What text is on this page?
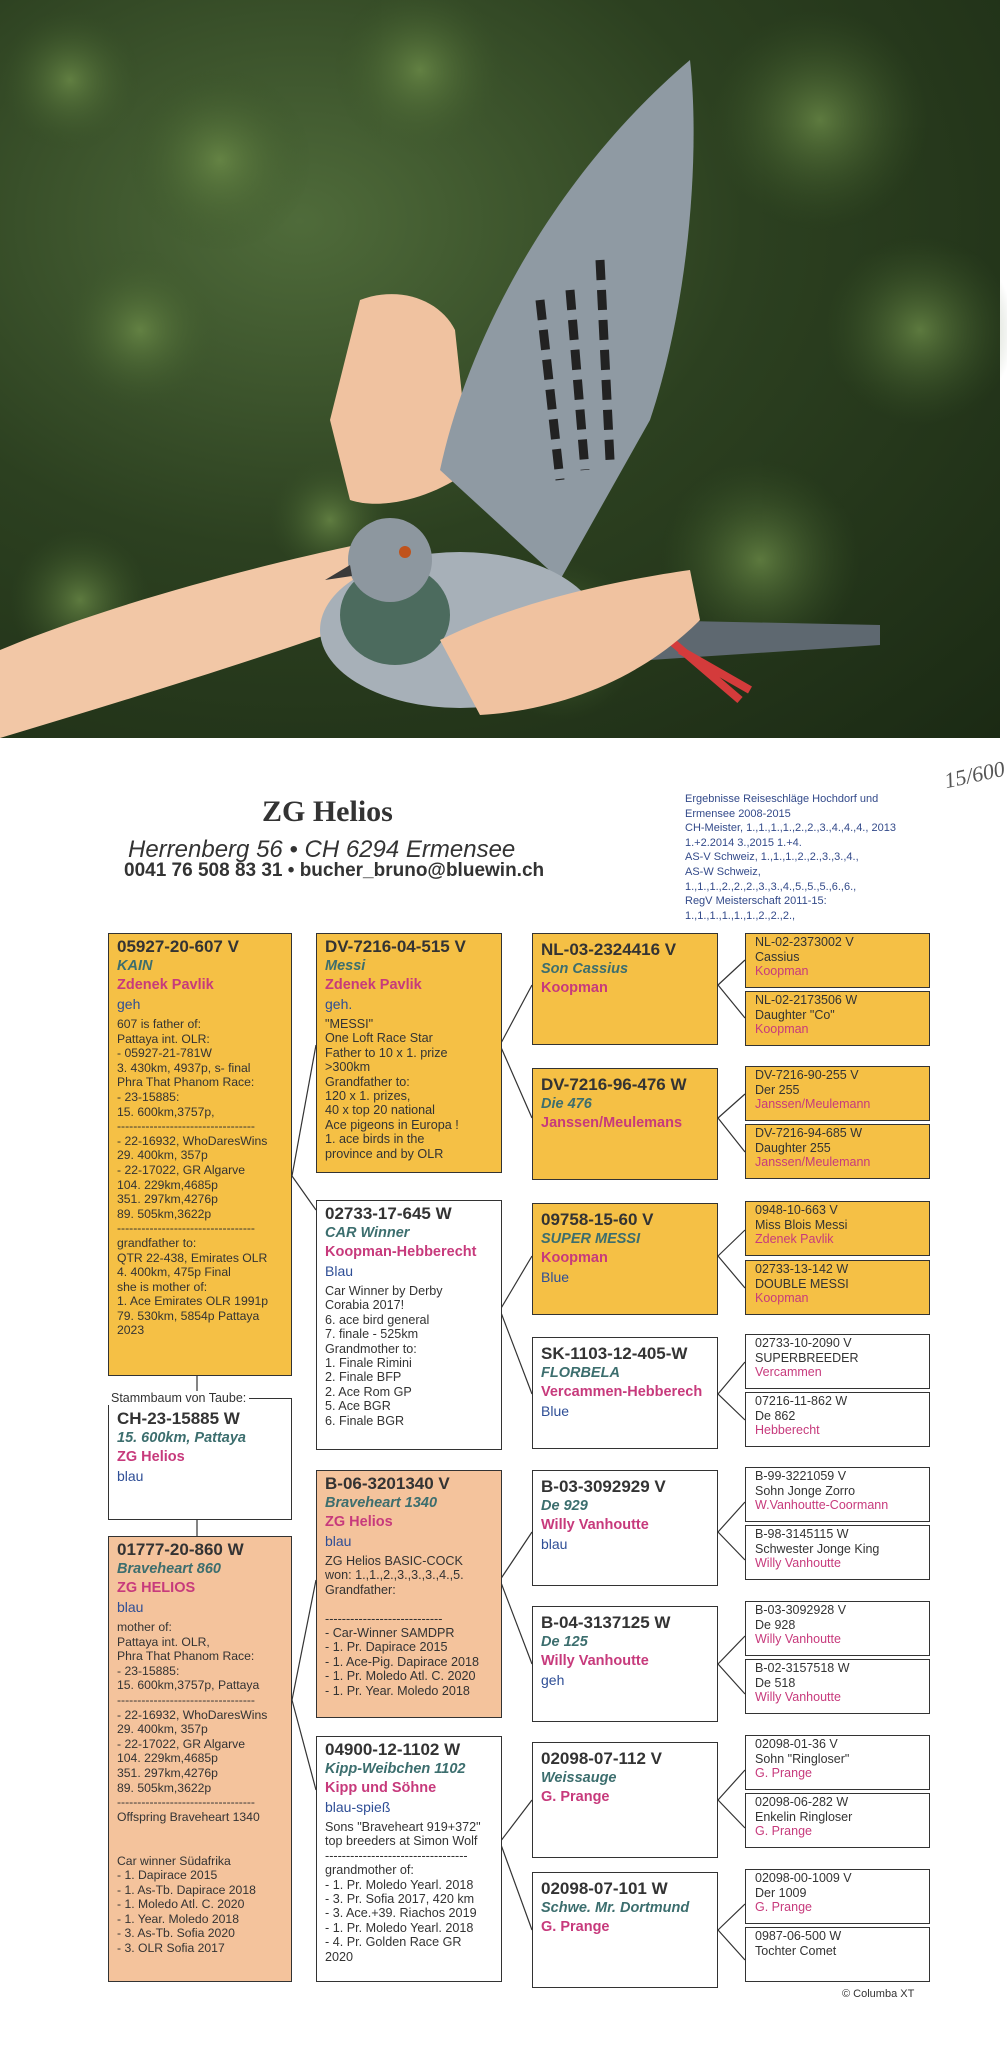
ZG Helios
Herrenberg 56 • CH 6294 Ermensee
0041 76 508 83 31 • bucher_bruno@bluewin.ch
Ergebnisse Reiseschläge Hochdorf und
Ermensee 2008-2015
CH-Meister, 1.,1.,1.,1.,2.,2.,3.,4.,4.,4., 2013
1.+2.2014 3.,2015 1.+4.
AS-V Schweiz, 1.,1.,1.,2.,2.,3.,3.,4.,
AS-W Schweiz,
1.,1.,1.,2.,2.,2.,3.,3.,4.,5.,5.,5.,6.,6.,
RegV Meisterschaft 2011-15:
1.,1.,1.,1.,1.,1.,2.,2.,2.,
15/600
CH-23-15885 W
15. 600km, Pattaya
ZG Helios
blau
Stammbaum von Taube:
05927-20-607 V
KAIN
Zdenek Pavlik
geh
607 is father of:
Pattaya int. OLR:
- 05927-21-781W
3. 430km, 4937p, s- final
Phra That Phanom Race:
- 23-15885:
15. 600km,3757p,
----------------------------------
- 22-16932, WhoDaresWins
29. 400km, 357p
- 22-17022, GR Algarve
104. 229km,4685p
351. 297km,4276p
89. 505km,3622p
----------------------------------
grandfather to:
QTR 22-438, Emirates OLR
4. 400km, 475p Final
she is mother of:
1. Ace Emirates OLR 1991p
79. 530km, 5854p Pattaya
2023
01777-20-860 W
Braveheart 860
ZG HELIOS
blau
mother of:
Pattaya int. OLR,
Phra That Phanom Race:
- 23-15885:
15. 600km,3757p, Pattaya
----------------------------------
- 22-16932, WhoDaresWins
29. 400km, 357p
- 22-17022, GR Algarve
104. 229km,4685p
351. 297km,4276p
89. 505km,3622p
----------------------------------
Offspring Braveheart 1340

Car winner Südafrika
- 1. Dapirace 2015
- 1. As-Tb. Dapirace 2018
- 1. Moledo Atl. C. 2020
- 1. Year. Moledo 2018
- 3. As-Tb. Sofia 2020
- 3. OLR Sofia 2017
DV-7216-04-515 V
Messi
Zdenek Pavlik
geh.
"MESSI"
One Loft Race Star
Father to 10 x 1. prize
>300km
Grandfather to:
120 x 1. prizes,
40 x top 20 national
Ace pigeons in Europa !
1. ace birds in the
province and by OLR
02733-17-645 W
CAR Winner
Koopman-Hebberecht
Blau
Car Winner by Derby
Corabia 2017!
6. ace bird general
7. finale - 525km
Grandmother to:
1. Finale Rimini
2. Finale BFP
2. Ace Rom GP
5. Ace BGR
6. Finale BGR
B-06-3201340 V
Braveheart 1340
ZG Helios
blau
ZG Helios BASIC-COCK
won: 1.,1.,2.,3.,3.,3.,4.,5.
Grandfather:

----------------------------
- Car-Winner SAMDPR
- 1. Pr. Dapirace 2015
- 1. Ace-Pig. Dapirace 2018
- 1. Pr. Moledo Atl. C. 2020
- 1. Pr. Year. Moledo 2018
04900-12-1102 W
Kipp-Weibchen 1102
Kipp und Söhne
blau-spieß
Sons "Braveheart 919+372"
top breeders at Simon Wolf
----------------------------------
grandmother of:
- 1. Pr. Moledo Yearl. 2018
- 3. Pr. Sofia 2017, 420 km
- 3. Ace.+39. Riachos 2019
- 1. Pr. Moledo Yearl. 2018
- 4. Pr. Golden Race GR
2020
NL-03-2324416 V
Son Cassius
Koopman
DV-7216-96-476 W
Die 476
Janssen/Meulemans
09758-15-60 V
SUPER MESSI
Koopman
Blue
SK-1103-12-405-W
FLORBELA
Vercammen-Hebberech
Blue
B-03-3092929 V
De 929
Willy Vanhoutte
blau
B-04-3137125 W
De 125
Willy Vanhoutte
geh
02098-07-112 V
Weissauge
G. Prange
02098-07-101 W
Schwe. Mr. Dortmund
G. Prange
NL-02-2373002 V
Cassius
Koopman
NL-02-2173506 W
Daughter "Co"
Koopman
DV-7216-90-255 V
Der 255
Janssen/Meulemann
DV-7216-94-685 W
Daughter 255
Janssen/Meulemann
0948-10-663 V
Miss Blois Messi
Zdenek Pavlik
02733-13-142 W
DOUBLE MESSI
Koopman
02733-10-2090 V
SUPERBREEDER
Vercammen
07216-11-862 W
De 862
Hebberecht
B-99-3221059 V
Sohn Jonge Zorro
W.Vanhoutte-Coormann
B-98-3145115 W
Schwester Jonge King
Willy Vanhoutte
B-03-3092928 V
De 928
Willy Vanhoutte
B-02-3157518 W
De 518
Willy Vanhoutte
02098-01-36 V
Sohn "Ringloser"
G. Prange
02098-06-282 W
Enkelin Ringloser
G. Prange
02098-00-1009 V
Der 1009
G. Prange
0987-06-500 W
Tochter Comet
© Columba XT
